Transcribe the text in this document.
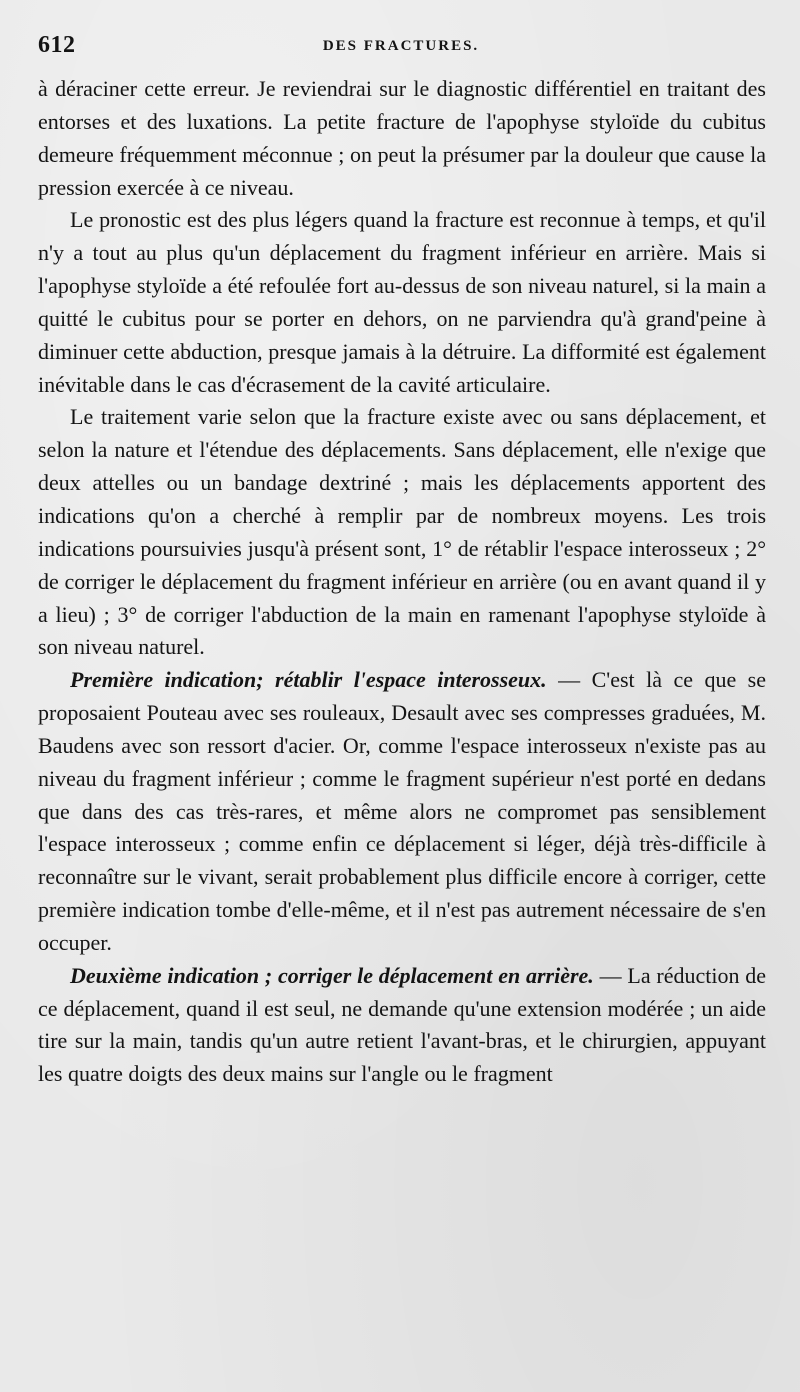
612	DES FRACTURES.

à déraciner cette erreur. Je reviendrai sur le diagnostic différentiel en traitant des entorses et des luxations. La petite fracture de l'apophyse styloïde du cubitus demeure fréquemment méconnue ; on peut la présumer par la douleur que cause la pression exercée à ce niveau.

Le pronostic est des plus légers quand la fracture est reconnue à temps, et qu'il n'y a tout au plus qu'un déplacement du fragment inférieur en arrière. Mais si l'apophyse styloïde a été refoulée fort au-dessus de son niveau naturel, si la main a quitté le cubitus pour se porter en dehors, on ne parviendra qu'à grand'peine à diminuer cette abduction, presque jamais à la détruire. La difformité est également inévitable dans le cas d'écrasement de la cavité articulaire.

Le traitement varie selon que la fracture existe avec ou sans déplacement, et selon la nature et l'étendue des déplacements. Sans déplacement, elle n'exige que deux attelles ou un bandage dextriné ; mais les déplacements apportent des indications qu'on a cherché à remplir par de nombreux moyens. Les trois indications poursuivies jusqu'à présent sont, 1° de rétablir l'espace interosseux ; 2° de corriger le déplacement du fragment inférieur en arrière (ou en avant quand il y a lieu) ; 3° de corriger l'abduction de la main en ramenant l'apophyse styloïde à son niveau naturel.

Première indication; rétablir l'espace interosseux. — C'est là ce que se proposaient Pouteau avec ses rouleaux, Desault avec ses compresses graduées, M. Baudens avec son ressort d'acier. Or, comme l'espace interosseux n'existe pas au niveau du fragment inférieur ; comme le fragment supérieur n'est porté en dedans que dans des cas très-rares, et même alors ne compromet pas sensiblement l'espace interosseux ; comme enfin ce déplacement si léger, déjà très-difficile à reconnaître sur le vivant, serait probablement plus difficile encore à corriger, cette première indication tombe d'elle-même, et il n'est pas autrement nécessaire de s'en occuper.

Deuxième indication ; corriger le déplacement en arrière. — La réduction de ce déplacement, quand il est seul, ne demande qu'une extension modérée ; un aide tire sur la main, tandis qu'un autre retient l'avant-bras, et le chirurgien, appuyant les quatre doigts des deux mains sur l'angle ou le fragment
